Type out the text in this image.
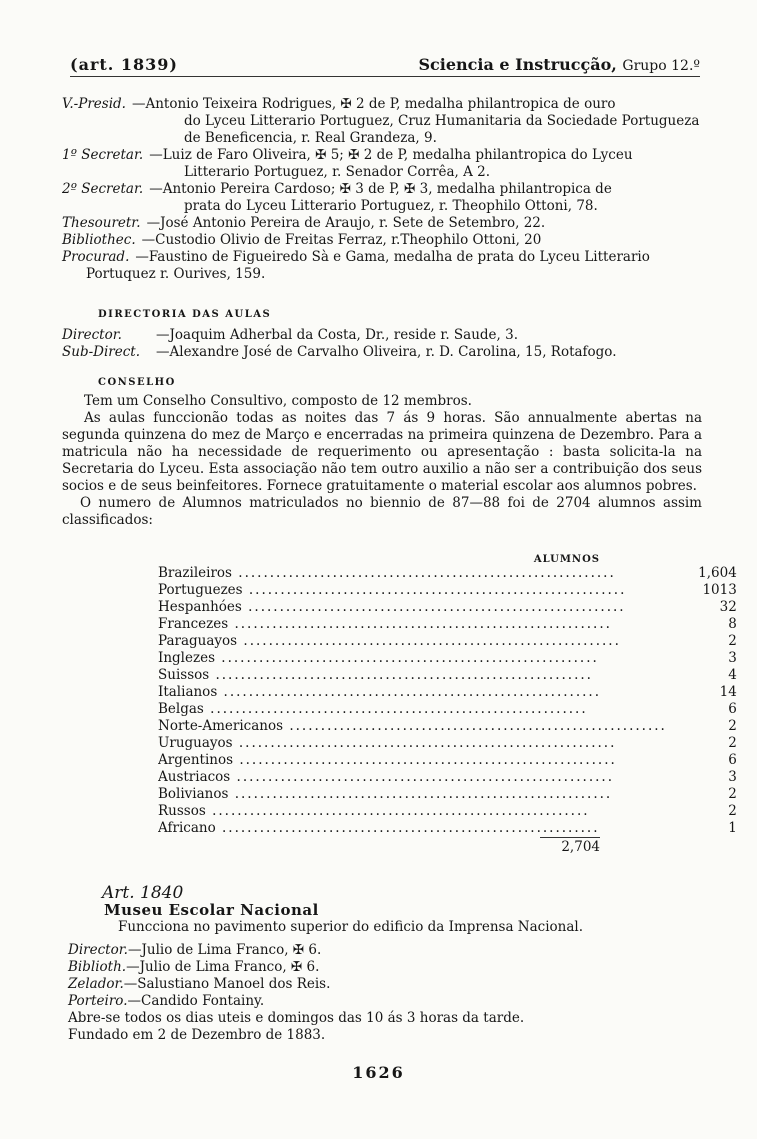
(art. 1839)	Sciencia e Instrucção, Grupo 12.º
V.-Presid. —Antonio Teixeira Rodrigues, ✠ 2 de P, medalha philantropica de ouro
do Lyceu Litterario Portuguez, Cruz Humanitaria da Sociedade Portugueza de Beneficencia, r. Real Grandeza, 9.
1º Secretar. —Luiz de Faro Oliveira, ✠ 5; ✠ 2 de P, medalha philantropica do Lyceu
Litterario Portuguez, r. Senador Corrêa, A 2.
2º Secretar. —Antonio Pereira Cardoso; ✠ 3 de P, ✠ 3, medalha philantropica de
prata do Lyceu Litterario Portuguez, r. Theophilo Ottoni, 78.
Thesouretr. —José Antonio Pereira de Araujo, r. Sete de Setembro, 22.
Bibliothec. —Custodio Olivio de Freitas Ferraz, r.Theophilo Ottoni, 20
Procurad. —Faustino de Figueiredo Sà e Gama, medalha de prata do Lyceu Litterario
Portuquez r. Ourives, 159.
DIRECTORIA DAS AULAS
Director.	—Joaquim Adherbal da Costa, Dr., reside r. Saude, 3.
Sub-Direct.	—Alexandre José de Carvalho Oliveira, r. D. Carolina, 15, Rotafogo.
CONSELHO
Tem um Conselho Consultivo, composto de 12 membros.
As aulas funccionão todas as noites das 7 ás 9 horas. São annualmente abertas na segunda quinzena do mez de Março e encerradas na primeira quinzena de Dezembro. Para a matricula não ha necessidade de requerimento ou apresentação : basta solicita-la na Secretaria do Lyceu. Esta associação não tem outro auxilio a não ser a contribuição dos seus socios e de seus beinfeitores. Fornece gratuitamente o material escolar aos alumnos pobres.
O numero de Alumnos matriculados no biennio de 87—88 foi de 2704 alumnos assim classificados:
ALUMNOS
Brazileiros ............................................................	1,604
Portuguezes ............................................................	1013
Hespanhóes ............................................................	32
Francezes ............................................................	8
Paraguayos ............................................................	2
Inglezes ............................................................	3
Suissos ............................................................	4
Italianos ............................................................	14
Belgas ............................................................	6
Norte-Americanos ............................................................	2
Uruguayos ............................................................	2
Argentinos ............................................................	6
Austriacos ............................................................	3
Bolivianos ............................................................	2
Russos ............................................................	2
Africano ............................................................	1
2,704
Art. 1840
Museu Escolar Nacional
Funcciona no pavimento superior do edificio da Imprensa Nacional.
Director. —Julio de Lima Franco, ✠ 6.
Biblioth. —Julio de Lima Franco, ✠ 6.
Zelador. —Salustiano Manoel dos Reis.
Porteiro. —Candido Fontainy.
Abre-se todos os dias uteis e domingos das 10 ás 3 horas da tarde.
Fundado em 2 de Dezembro de 1883.
1626
